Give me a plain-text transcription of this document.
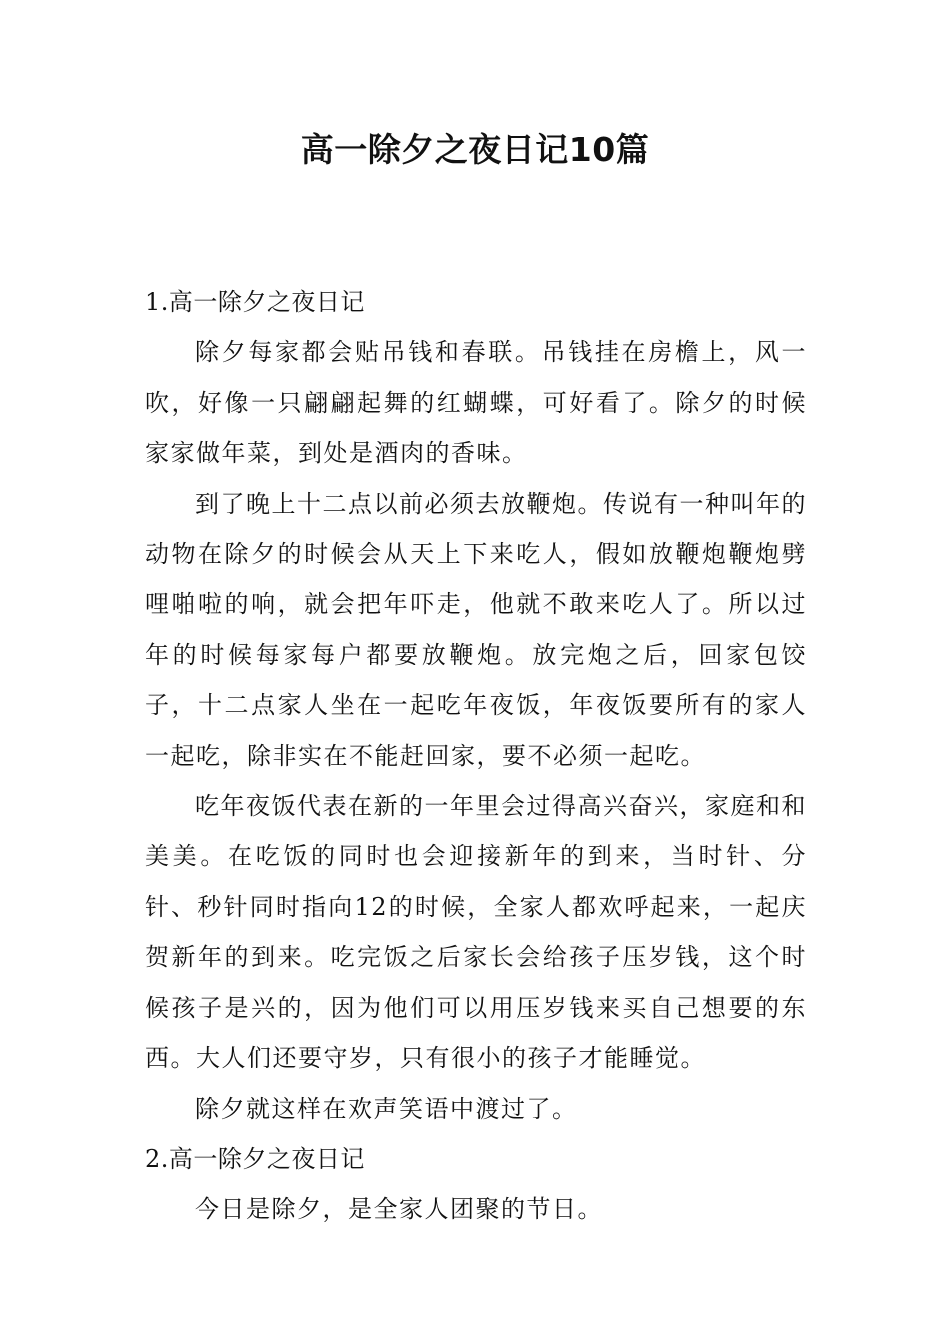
高一除夕之夜日记10篇

1.高一除夕之夜日记

除夕每家都会贴吊钱和春联。吊钱挂在房檐上，风一吹，好像一只翩翩起舞的红蝴蝶，可好看了。除夕的时候家家做年菜，到处是酒肉的香味。

到了晚上十二点以前必须去放鞭炮。传说有一种叫年的动物在除夕的时候会从天上下来吃人，假如放鞭炮鞭炮劈哩啪啦的响，就会把年吓走，他就不敢来吃人了。所以过年的时候每家每户都要放鞭炮。放完炮之后，回家包饺子，十二点家人坐在一起吃年夜饭，年夜饭要所有的家人一起吃，除非实在不能赶回家，要不必须一起吃。

吃年夜饭代表在新的一年里会过得高兴奋兴，家庭和和美美。在吃饭的同时也会迎接新年的到来，当时针、分针、秒针同时指向12的时候，全家人都欢呼起来，一起庆贺新年的到来。吃完饭之后家长会给孩子压岁钱，这个时候孩子是兴的，因为他们可以用压岁钱来买自己想要的东西。大人们还要守岁，只有很小的孩子才能睡觉。

除夕就这样在欢声笑语中渡过了。

2.高一除夕之夜日记

今日是除夕，是全家人团聚的节日。
